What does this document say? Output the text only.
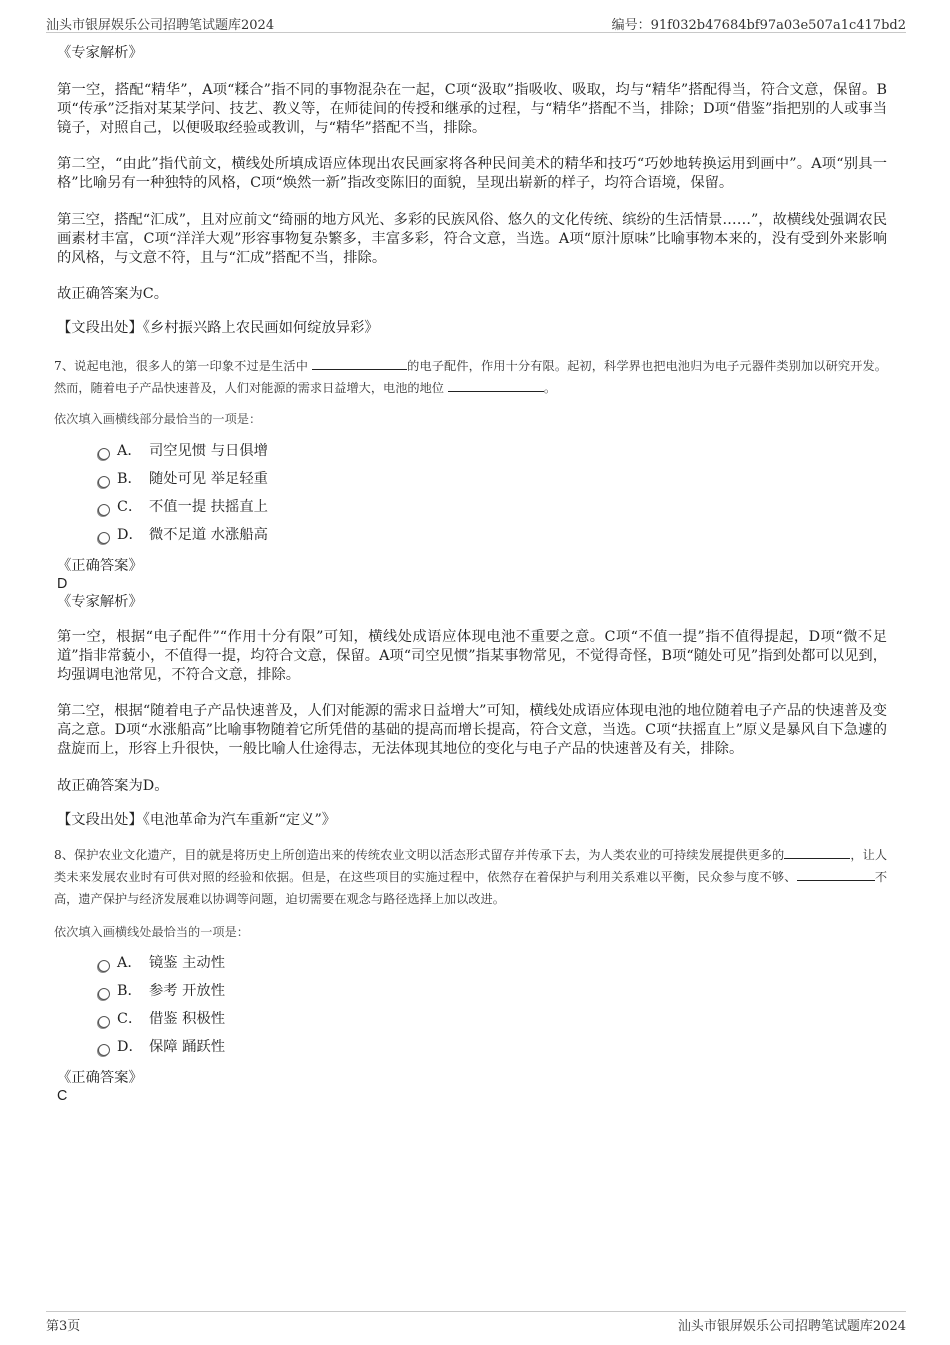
汕头市银屏娱乐公司招聘笔试题库2024	编号：91f032b47684bf97a03e507a1c417bd2

《专家解析》

第一空，搭配“精华”，A项“糅合”指不同的事物混杂在一起，C项“汲取”指吸收、吸取，均与“精华”搭配得当，符合文意，保留。B项“传承”泛指对某某学问、技艺、教义等，在师徒间的传授和继承的过程，与“精华”搭配不当，排除；D项“借鉴”指把别的人或事当镜子，对照自己，以便吸取经验或教训，与“精华”搭配不当，排除。

第二空，“由此”指代前文，横线处所填成语应体现出农民画家将各种民间美术的精华和技巧“巧妙地转换运用到画中”。A项“别具一格”比喻另有一种独特的风格，C项“焕然一新”指改变陈旧的面貌，呈现出崭新的样子，均符合语境，保留。

第三空，搭配“汇成”，且对应前文“绮丽的地方风光、多彩的民族风俗、悠久的文化传统、缤纷的生活情景……”，故横线处强调农民画素材丰富，C项“洋洋大观”形容事物复杂繁多，丰富多彩，符合文意，当选。A项“原汁原味”比喻事物本来的，没有受到外来影响的风格，与文意不符，且与“汇成”搭配不当，排除。

故正确答案为C。

【文段出处】《乡村振兴路上农民画如何绽放异彩》

7、说起电池，很多人的第一印象不过是生活中	的电子配件，作用十分有限。起初，科学界也把电池归为电子元器件类别加以研究开发。然而，随着电子产品快速普及，人们对能源的需求日益增大，电池的地位	。

依次填入画横线部分最恰当的一项是：

A． 司空见惯 与日俱增
B． 随处可见 举足轻重
C． 不值一提 扶摇直上
D． 微不足道 水涨船高

《正确答案》

D

《专家解析》

第一空，根据“电子配件”“作用十分有限”可知，横线处成语应体现电池不重要之意。C项“不值一提”指不值得提起，D项“微不足道”指非常藐小，不值得一提，均符合文意，保留。A项“司空见惯”指某事物常见，不觉得奇怪，B项“随处可见”指到处都可以见到，均强调电池常见，不符合文意，排除。

第二空，根据“随着电子产品快速普及，人们对能源的需求日益增大”可知，横线处成语应体现电池的地位随着电子产品的快速普及变高之意。D项“水涨船高”比喻事物随着它所凭借的基础的提高而增长提高，符合文意，当选。C项“扶摇直上”原义是暴风自下急遽的盘旋而上，形容上升很快，一般比喻人仕途得志，无法体现其地位的变化与电子产品的快速普及有关，排除。

故正确答案为D。

【文段出处】《电池革命为汽车重新“定义”》

8、保护农业文化遗产，目的就是将历史上所创造出来的传统农业文明以活态形式留存并传承下去，为人类农业的可持续发展提供更多的	，让人类未来发展农业时有可供对照的经验和依据。但是，在这些项目的实施过程中，依然存在着保护与利用关系难以平衡，民众参与度不够、	不高，遗产保护与经济发展难以协调等问题，迫切需要在观念与路径选择上加以改进。

依次填入画横线处最恰当的一项是：

A． 镜鉴 主动性
B． 参考 开放性
C． 借鉴 积极性
D． 保障 踊跃性

《正确答案》

C

第3页	汕头市银屏娱乐公司招聘笔试题库2024
